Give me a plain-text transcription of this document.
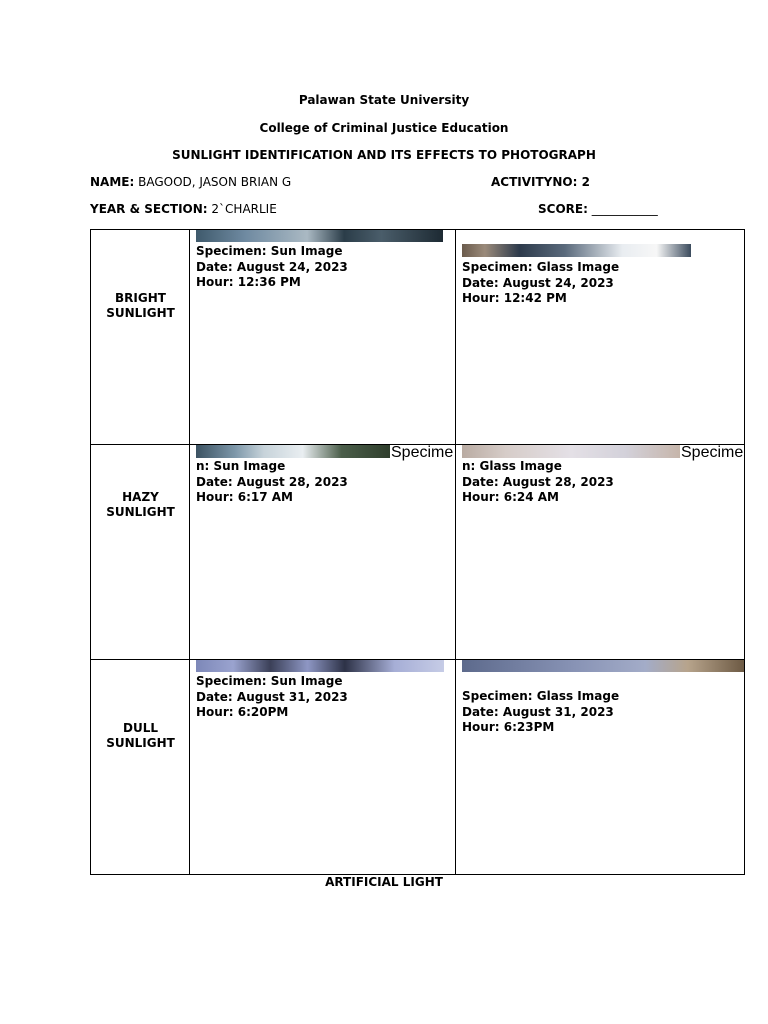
Palawan State University
College of Criminal Justice Education
SUNLIGHT IDENTIFICATION AND ITS EFFECTS TO PHOTOGRAPH
NAME: BAGOOD, JASON BRIAN G	ACTIVITYNO: 2
YEAR & SECTION: 2`CHARLIE	SCORE: ___________
BRIGHT
SUNLIGHT
Specimen: Sun Image
Date: August 24, 2023
Hour: 12:36 PM
Specimen: Glass Image
Date: August 24, 2023
Hour: 12:42 PM
HAZY
SUNLIGHT
Specime
n: Sun Image
Date: August 28, 2023
Hour: 6:17 AM
Specime
n: Glass Image
Date: August 28, 2023
Hour: 6:24 AM
DULL
SUNLIGHT
Specimen: Sun Image
Date: August 31, 2023
Hour: 6:20PM
Specimen: Glass Image
Date: August 31, 2023
Hour: 6:23PM
ARTIFICIAL LIGHT
